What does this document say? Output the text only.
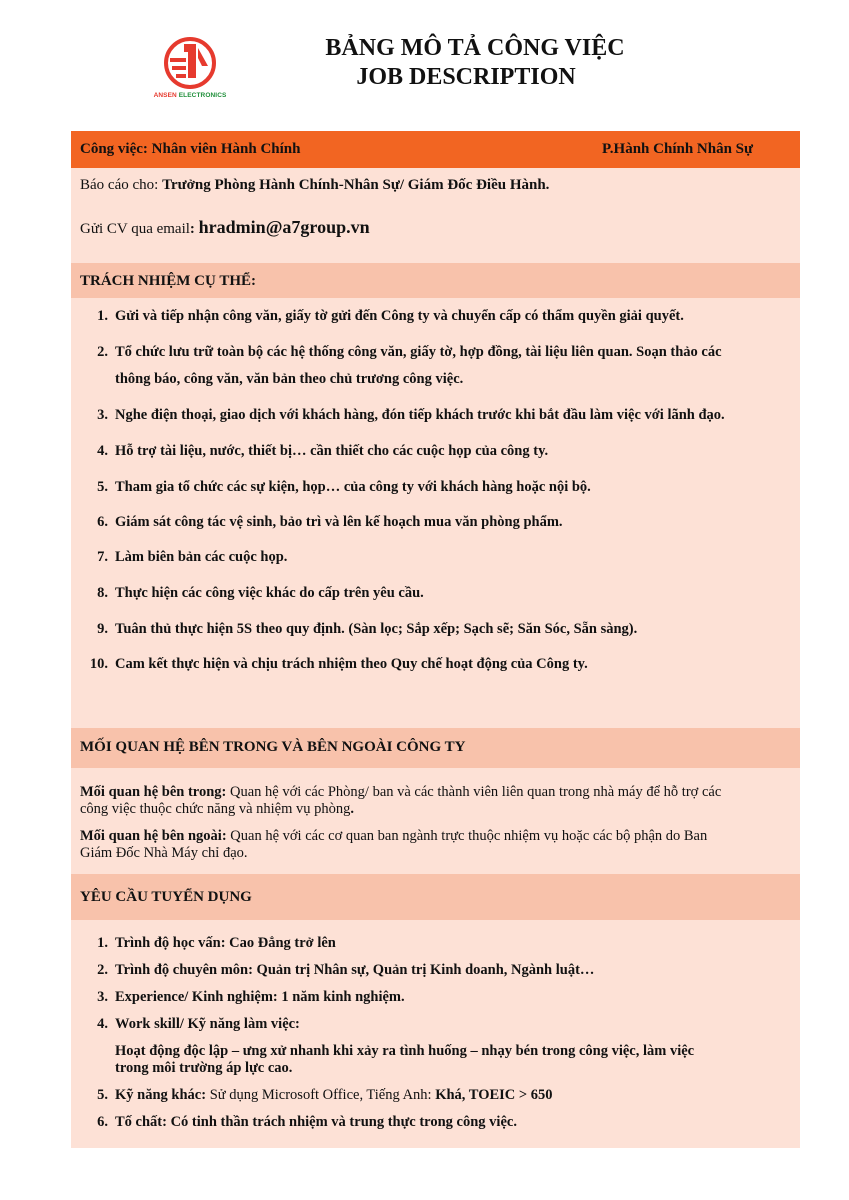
ANSEN ELECTRONICS
BẢNG MÔ TẢ CÔNG VIỆC

JOB DESCRIPTION
Công việc: Nhân viên Hành Chính	P.Hành Chính Nhân Sự
Báo cáo cho: Trưởng Phòng Hành Chính-Nhân Sự/ Giám Đốc Điều Hành.
Gửi CV qua email: hradmin@a7group.vn
TRÁCH NHIỆM CỤ THỂ:
1. Gửi và tiếp nhận công văn, giấy tờ gửi đến Công ty và chuyển cấp có thẩm quyền giải quyết.
2. Tổ chức lưu trữ toàn bộ các hệ thống công văn, giấy tờ, hợp đồng, tài liệu liên quan. Soạn thảo các
thông báo, công văn, văn bản theo chủ trương công việc.
3. Nghe điện thoại, giao dịch với khách hàng, đón tiếp khách trước khi bắt đầu làm việc với lãnh đạo.
4. Hỗ trợ tài liệu, nước, thiết bị… cần thiết cho các cuộc họp của công ty.
5. Tham gia tổ chức các sự kiện, họp… của công ty với khách hàng hoặc nội bộ.
6. Giám sát công tác vệ sinh, bảo trì và lên kế hoạch mua văn phòng phẩm.
7. Làm biên bản các cuộc họp.
8. Thực hiện các công việc khác do cấp trên yêu cầu.
9. Tuân thủ thực hiện 5S theo quy định. (Sàn lọc; Sắp xếp; Sạch sẽ; Săn Sóc, Sẵn sàng).
10. Cam kết thực hiện và chịu trách nhiệm theo Quy chế hoạt động của Công ty.
MỐI QUAN HỆ BÊN TRONG VÀ BÊN NGOÀI CÔNG TY

Mối quan hệ bên trong: Quan hệ với các Phòng/ ban và các thành viên liên quan trong nhà máy để hỗ trợ các

công việc thuộc chức năng và nhiệm vụ phòng.

Mối quan hệ bên ngoài: Quan hệ với các cơ quan ban ngành trực thuộc nhiệm vụ hoặc các bộ phận do Ban

Giám Đốc Nhà Máy chỉ đạo.

YÊU CẦU TUYỂN DỤNG
1. Trình độ học vấn: Cao Đẳng trở lên
2. Trình độ chuyên môn: Quản trị Nhân sự, Quản trị Kinh doanh, Ngành luật…
3. Experience/ Kinh nghiệm: 1 năm kinh nghiệm.
4. Work skill/ Kỹ năng làm việc:
Hoạt động độc lập – ưng xử nhanh khi xảy ra tình huống – nhạy bén trong công việc, làm việc
trong môi trường áp lực cao.
5. Kỹ năng khác: Sử dụng Microsoft Office, Tiếng Anh: Khá, TOEIC > 650
6. Tố chất: Có tinh thần trách nhiệm và trung thực trong công việc.
